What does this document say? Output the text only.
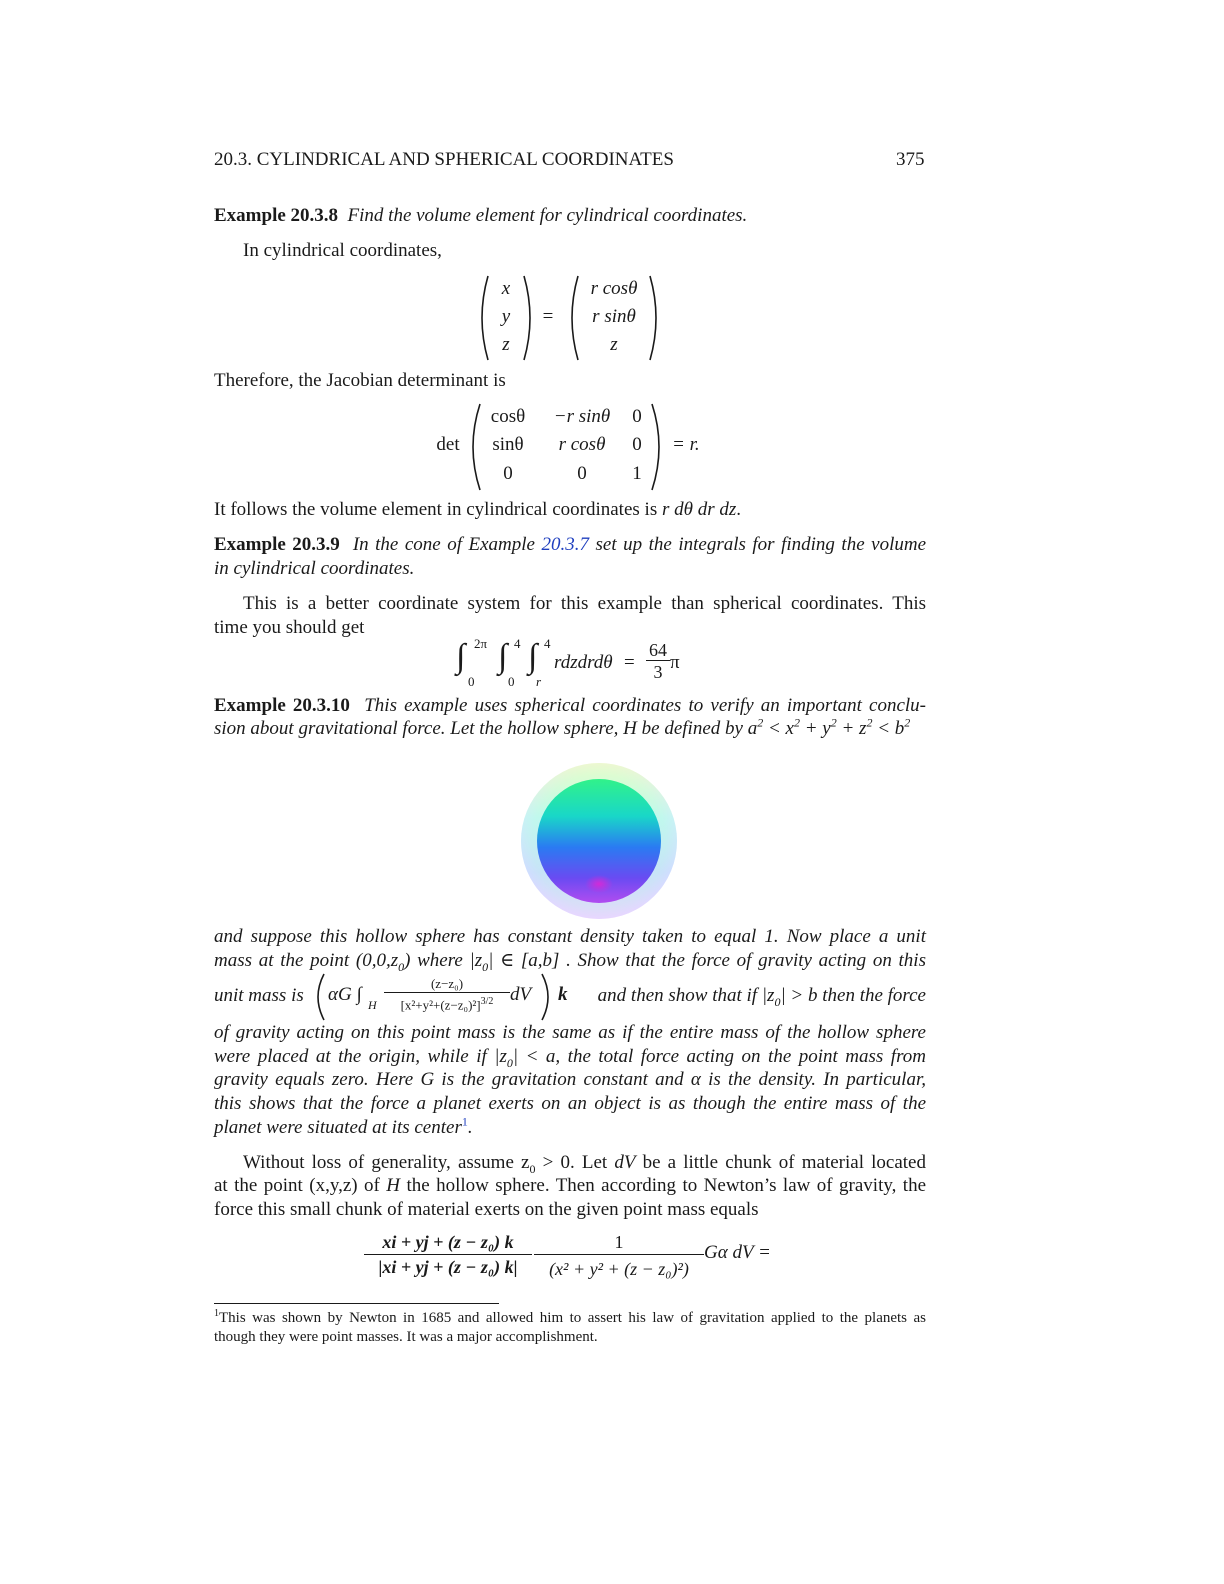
20.3. CYLINDRICAL AND SPHERICAL COORDINATES	375
Example 20.3.8 Find the volume element for cylindrical coordinates.
In cylindrical coordinates,
x
y
z
=
r cosθ
r sinθ
z
Therefore, the Jacobian determinant is
det
cosθ	−r sinθ	0
sinθ	r cosθ	0
0	0	1
= r.
It follows the volume element in cylindrical coordinates is r dθ dr dz.
Example 20.3.9 In the cone of Example 20.3.7 set up the integrals for finding the volume
in cylindrical coordinates.
This is a better coordinate system for this example than spherical coordinates. This
time you should get
∫ 2π
0
∫ 4
0
∫ 4
r
rdzdrdθ = $\frac{64}{3}$ π
Example 20.3.10 This example uses spherical coordinates to verify an important conclu-
sion about gravitational force. Let the hollow sphere, H be defined by $a^2 < x^2 + y^2 + z^2 < b^2$
and suppose this hollow sphere has constant density taken to equal 1. Now place a unit
mass at the point $(0,0,z_0)$ where $|z_0|$ ∈ [a,b] . Show that the force of gravity acting on this
unit mass is αG ∫ H
(z−z₀)
$[x^2+y^2+(z-z_0)^2]^{3/2}$ dV k	and then show that if $|z_0| > b$ then the force
of gravity acting on this point mass is the same as if the entire mass of the hollow sphere
were placed at the origin, while if $|z_0| < a$, the total force acting on the point mass from
gravity equals zero. Here G is the gravitation constant and α is the density. In particular,
this shows that the force a planet exerts on an object is as though the entire mass of the
planet were situated at its center$^1$.
Without loss of generality, assume $z_0 > 0$. Let dV be a little chunk of material located
at the point (x,y,z) of H the hollow sphere. Then according to Newton’s law of gravity, the
force this small chunk of material exerts on the given point mass equals
$\frac{\text{xi + yj + (z − z₀) k}}{\text{|xi + yj + (z − z₀) k|}} \frac{1}{\text{(x² + y² + (z − z₀)²)}}$ Gα dV =
$^1$This was shown by Newton in 1685 and allowed him to assert his law of gravitation applied to the planets as
though they were point masses. It was a major accomplishment.
